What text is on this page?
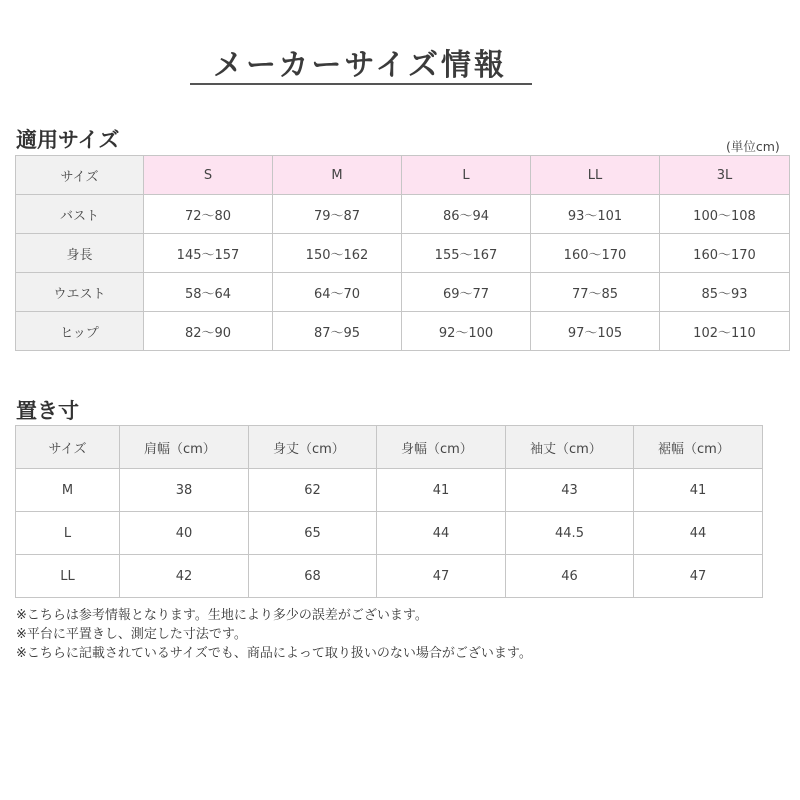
メーカーサイズ情報
適用サイズ	(単位cm)
サイズ	S	M	L	LL	3L
バスト	72〜80	79〜87	86〜94	93〜101	100〜108
身長	145〜157	150〜162	155〜167	160〜170	160〜170
ウエスト	58〜64	64〜70	69〜77	77〜85	85〜93
ヒップ	82〜90	87〜95	92〜100	97〜105	102〜110
置き寸
サイズ	肩幅（cm）	身丈（cm）	身幅（cm）	袖丈（cm）	裾幅（cm）
M	38	62	41	43	41
L	40	65	44	44.5	44
LL	42	68	47	46	47
※こちらは参考情報となります。生地により多少の誤差がございます。
※平台に平置きし、測定した寸法です。
※こちらに記載されているサイズでも、商品によって取り扱いのない場合がございます。
